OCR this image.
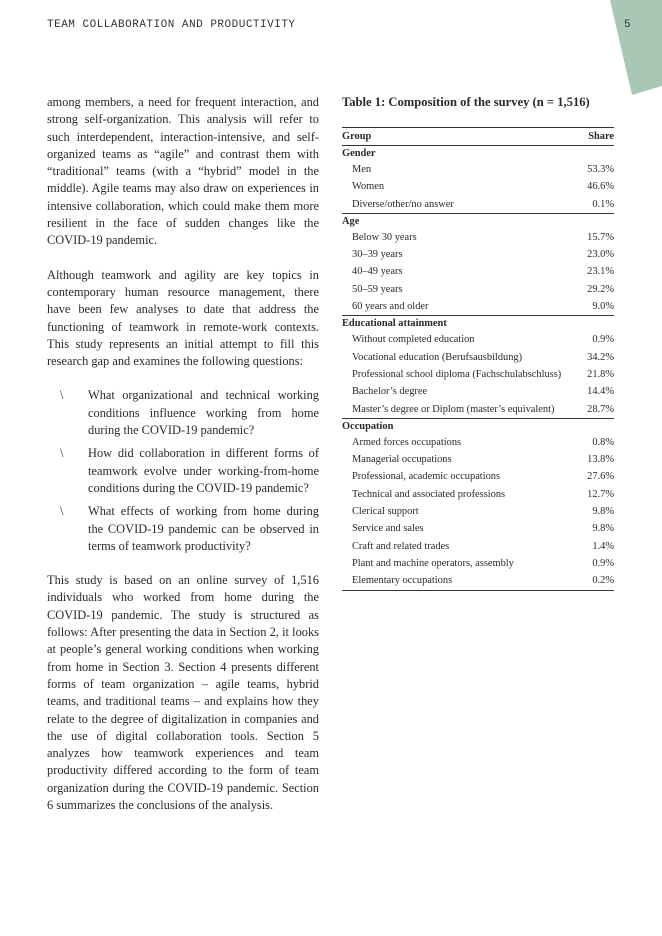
TEAM COLLABORATION AND PRODUCTIVITY	5

among members, a need for frequent interaction, and strong self-organization. This analysis will refer to such interdependent, interaction-intensive, and self-organized teams as “agile” and contrast them with “traditional” teams (with a “hybrid” model in the middle). Agile teams may also draw on experiences in intensive collaboration, which could make them more resilient in the face of sudden changes like the COVID-19 pandemic.

Although teamwork and agility are key topics in contemporary human resource management, there have been few analyses to date that address the functioning of teamwork in remote-work contexts. This study represents an initial attempt to fill this research gap and examines the following questions:

\ What organizational and technical working conditions influence working from home during the COVID-19 pandemic?
\ How did collaboration in different forms of teamwork evolve under working-from-home conditions during the COVID-19 pandemic?
\ What effects of working from home during the COVID-19 pandemic can be observed in terms of teamwork productivity?

This study is based on an online survey of 1,516 individuals who worked from home during the COVID-19 pandemic. The study is structured as follows: After presenting the data in Section 2, it looks at people’s general working conditions when working from home in Section 3. Section 4 presents different forms of team organization – agile teams, hybrid teams, and traditional teams – and explains how they relate to the degree of digitalization in companies and the use of digital collaboration tools. Section 5 analyzes how teamwork experiences and team productivity differed according to the form of team organization during the COVID-19 pandemic. Section 6 summarizes the conclusions of the analysis.

Table 1: Composition of the survey (n = 1,516)
Group	Share
Gender	
Men	53.3%
Women	46.6%
Diverse/other/no answer	0.1%
Age	
Below 30 years	15.7%
30–39 years	23.0%
40–49 years	23.1%
50–59 years	29.2%
60 years and older	9.0%
Educational attainment	
Without completed education	0.9%
Vocational education (Berufsausbildung)	34.2%
Professional school diploma (Fachschulabschluss)	21.8%
Bachelor’s degree	14.4%
Master’s degree or Diplom (master’s equivalent)	28.7%
Occupation	
Armed forces occupations	0.8%
Managerial occupations	13.8%
Professional, academic occupations	27.6%
Technical and associated professions	12.7%
Clerical support	9.8%
Service and sales	9.8%
Craft and related trades	1.4%
Plant and machine operators, assembly	0.9%
Elementary occupations	0.2%
